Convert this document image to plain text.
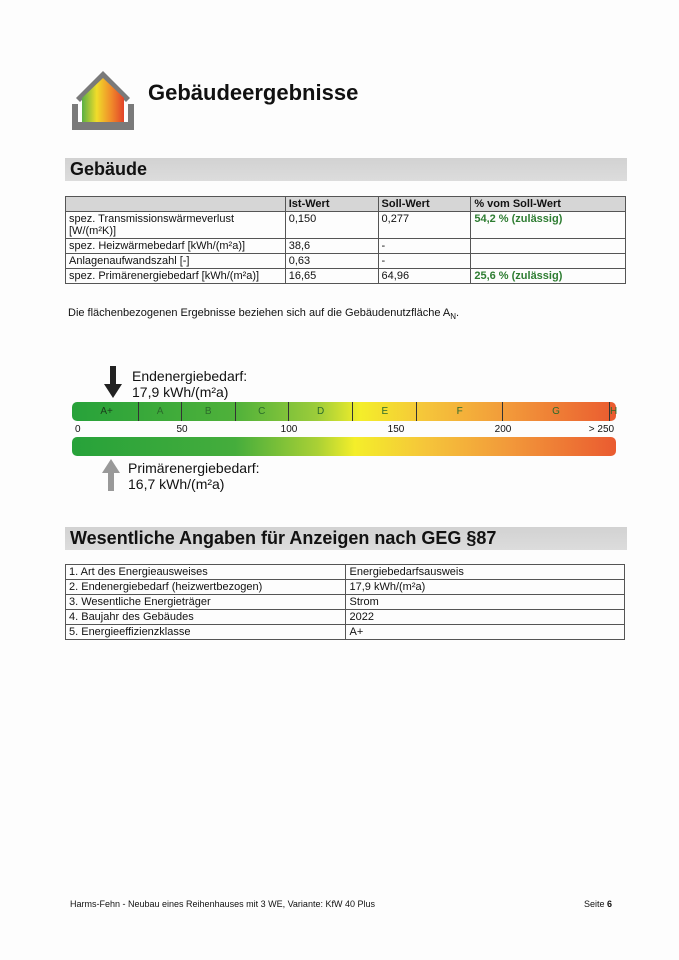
Gebäudeergebnisse
Gebäude
	Ist-Wert	Soll-Wert	% vom Soll-Wert
spez. Transmissionswärmeverlust [W/(m²K)]	0,150	0,277	54,2 % (zulässig)
spez. Heizwärmebedarf [kWh/(m²a)]	38,6	-	
Anlagenaufwandszahl [-]	0,63	-	
spez. Primärenergiebedarf [kWh/(m²a)]	16,65	64,96	25,6 % (zulässig)
Die flächenbezogenen Ergebnisse beziehen sich auf die Gebäudenutzfläche $A_N$.
Endenergiebedarf:
17,9 kWh/(m²a)
A+	A	B	C	D	E	F	G	H
Primärenergiebedarf:
16,7 kWh/(m²a)
Wesentliche Angaben für Anzeigen nach GEG §87
1. Art des Energieausweises	Energiebedarfsausweis
2. Endenergiebedarf (heizwertbezogen)	17,9 kWh/(m²a)
3. Wesentliche Energieträger	Strom
4. Baujahr des Gebäudes	2022
5. Energieeffizienzklasse	A+
Harms-Fehn - Neubau eines Reihenhauses mit 3 WE, Variante: KfW 40 Plus	Seite 6
0	50	100	150	200	> 250
